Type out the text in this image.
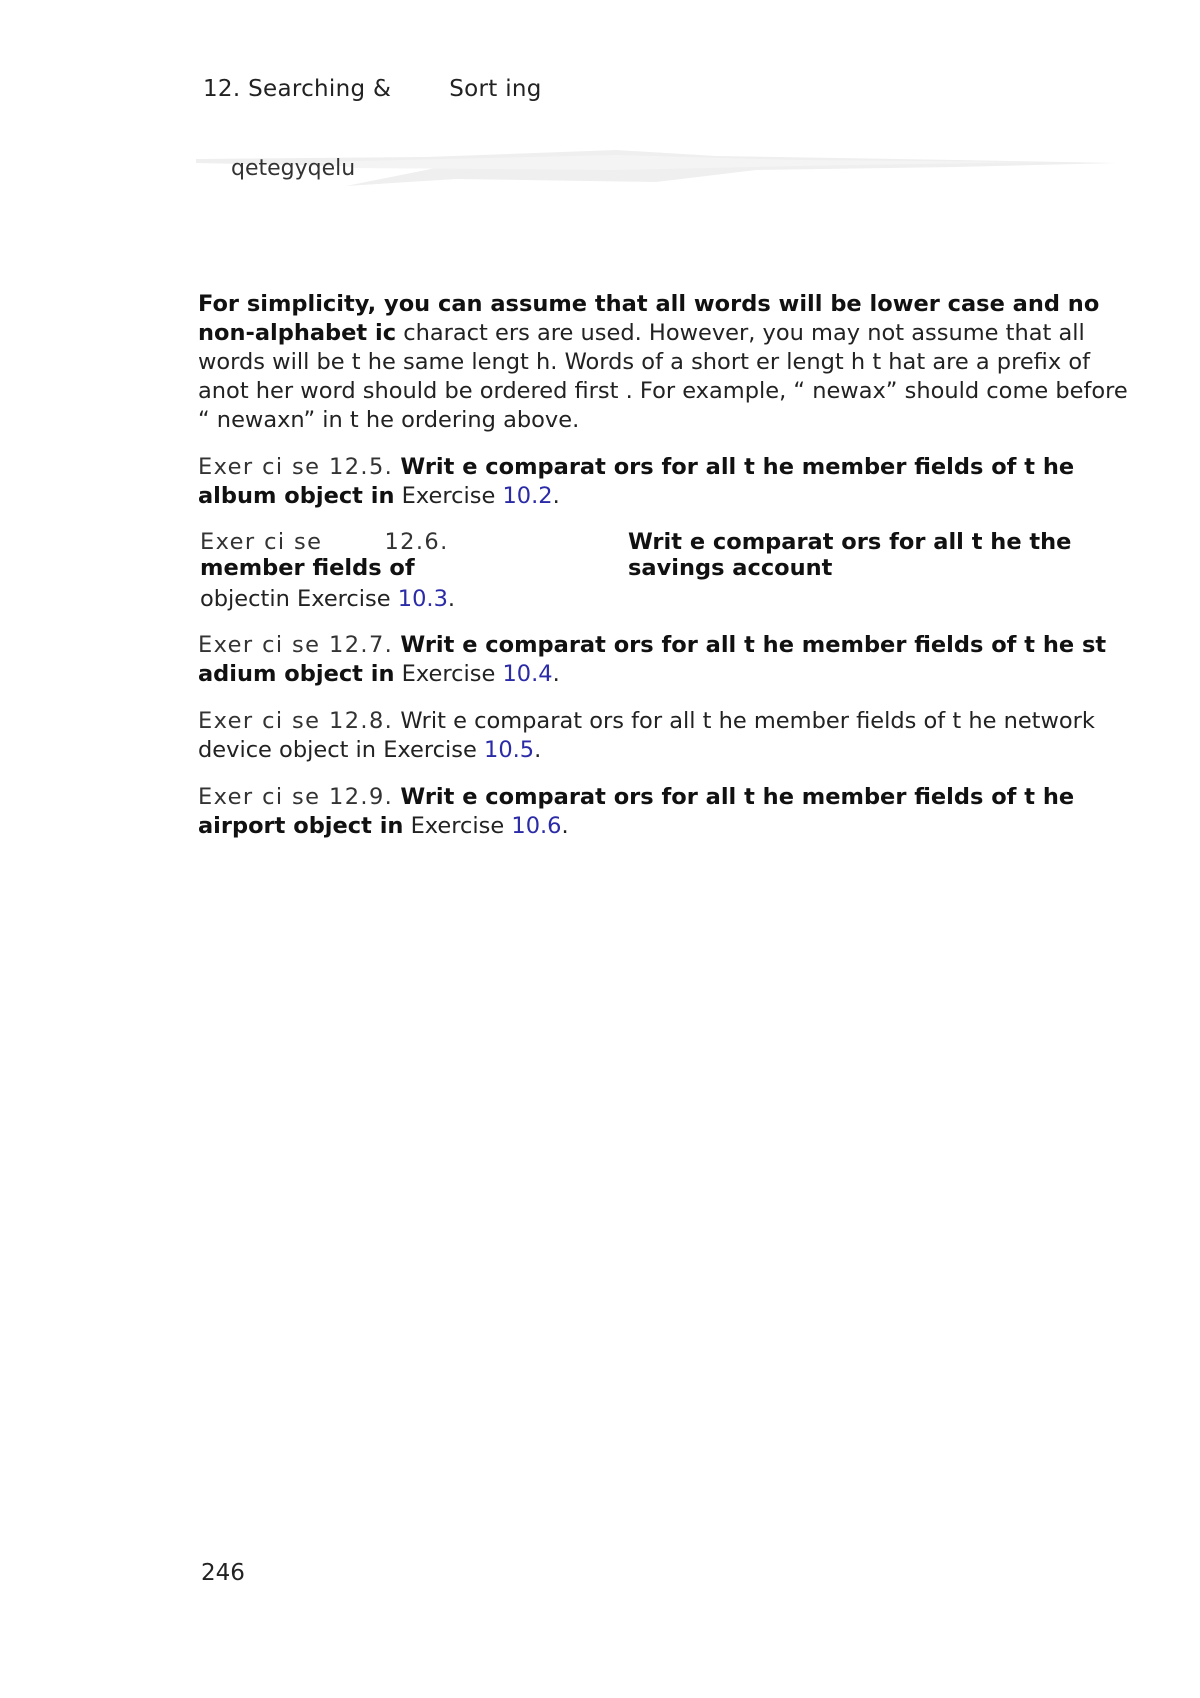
12. Searching &	Sort ing
qetegyqelu

For simplicity, you can assume that all words will be lower case and no non-alphabet ic charact ers are used. However, you may not assume that all words will be t he same lengt h. Words of a short er lengt h t hat are a prefix of anot her word should be ordered first . For example, “ newax” should come before “ newaxn” in t he ordering above.

Exer ci se 12.5. Writ e comparat ors for all t he member fields of t he album object in Exercise 10.2.

Exer ci se	12.6.
member fields of
Writ e comparat ors for all t he the savings account
objectin Exercise 10.3.

Exer ci se 12.7. Writ e comparat ors for all t he member fields of t he st adium object in Exercise 10.4.

Exer ci se 12.8. Writ e comparat ors for all t he member fields of t he network device object in Exercise 10.5.

Exer ci se 12.9. Writ e comparat ors for all t he member fields of t he airport object in Exercise 10.6.

246
